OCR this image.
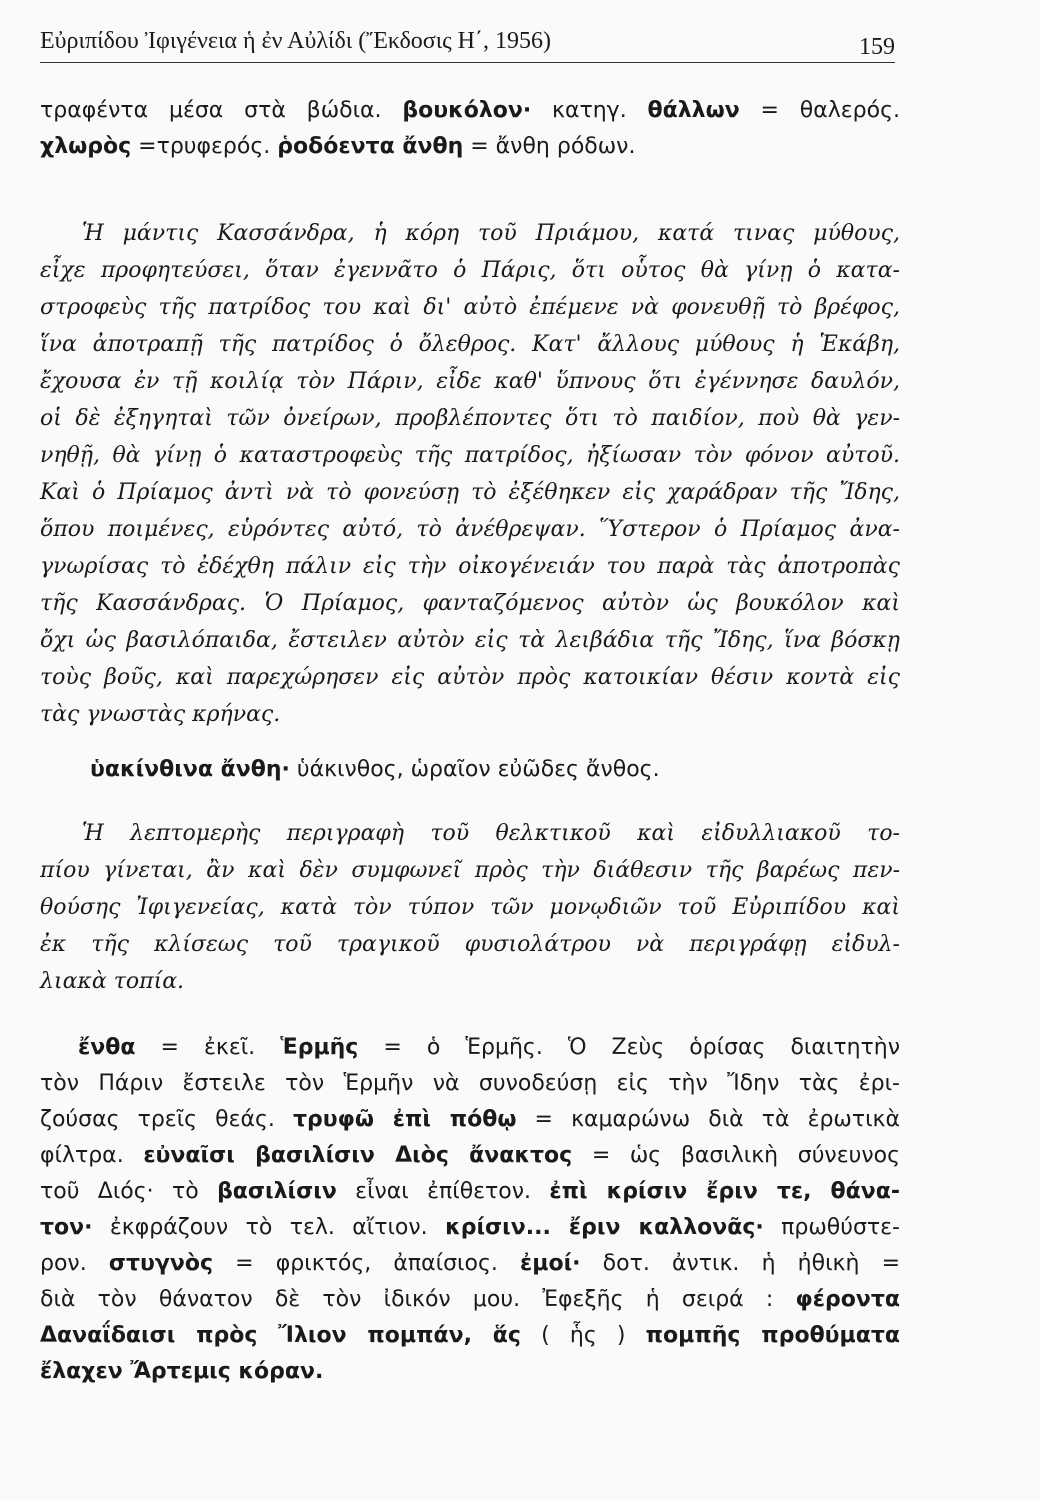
Εὐριπίδου Ἰφιγένεια ἡ ἐν Αὐλίδι (Ἔκδοσις Η΄, 1956)	159
τραφέντα μέσα στὰ βώδια. βουκόλον· κατηγ. θάλλων = θαλερός.
χλωρὸς =τρυφερός. ῥοδόεντα ἄνθη = ἄνθη ρόδων.
Ἡ μάντις Κασσάνδρα, ἡ κόρη τοῦ Πριάμου, κατά τινας μύθους,
εἶχε προφητεύσει, ὅταν ἐγεννᾶτο ὁ Πάρις, ὅτι οὗτος θὰ γίνῃ ὁ κατα-
στροφεὺς τῆς πατρίδος του καὶ δι' αὐτὸ ἐπέμενε νὰ φονευθῇ τὸ βρέφος,
ἵνα ἀποτραπῇ τῆς πατρίδος ὁ ὄλεθρος. Κατ' ἄλλους μύθους ἡ Ἑκάβη,
ἔχουσα ἐν τῇ κοιλίᾳ τὸν Πάριν, εἶδε καθ' ὕπνους ὅτι ἐγέννησε δαυλόν,
οἱ δὲ ἐξηγηταὶ τῶν ὀνείρων, προβλέποντες ὅτι τὸ παιδίον, ποὺ θὰ γεν-
νηθῇ, θὰ γίνῃ ὁ καταστροφεὺς τῆς πατρίδος, ἠξίωσαν τὸν φόνον αὐτοῦ.
Καὶ ὁ Πρίαμος ἀντὶ νὰ τὸ φονεύσῃ τὸ ἐξέθηκεν εἰς χαράδραν τῆς Ἴδης,
ὅπου ποιμένες, εὑρόντες αὐτό, τὸ ἀνέθρεψαν. Ὕστερον ὁ Πρίαμος ἀνα-
γνωρίσας τὸ ἐδέχθη πάλιν εἰς τὴν οἰκογένειάν του παρὰ τὰς ἀποτροπὰς
τῆς Κασσάνδρας. Ὁ Πρίαμος, φανταζόμενος αὐτὸν ὡς βουκόλον καὶ
ὄχι ὡς βασιλόπαιδα, ἔστειλεν αὐτὸν εἰς τὰ λειβάδια τῆς Ἴδης, ἵνα βόσκῃ
τοὺς βοῦς, καὶ παρεχώρησεν εἰς αὐτὸν πρὸς κατοικίαν θέσιν κοντὰ εἰς
τὰς γνωστὰς κρήνας.
ὑακίνθινα ἄνθη· ὑάκινθος, ὡραῖον εὐῶδες ἄνθος.
Ἡ λεπτομερὴς περιγραφὴ τοῦ θελκτικοῦ καὶ εἰδυλλιακοῦ το-
πίου γίνεται, ἂν καὶ δὲν συμφωνεῖ πρὸς τὴν διάθεσιν τῆς βαρέως πεν-
θούσης Ἰφιγενείας, κατὰ τὸν τύπον τῶν μονῳδιῶν τοῦ Εὐριπίδου καὶ
ἐκ τῆς κλίσεως τοῦ τραγικοῦ φυσιολάτρου νὰ περιγράφῃ εἰδυλ-
λιακὰ τοπία.
ἔνθα = ἐκεῖ. Ἑρμῆς = ὁ Ἑρμῆς. Ὁ Ζεὺς ὁρίσας διαιτητὴν
τὸν Πάριν ἔστειλε τὸν Ἑρμῆν νὰ συνοδεύσῃ εἰς τὴν Ἴδην τὰς ἐρι-
ζούσας τρεῖς θεάς. τρυφῶ ἐπὶ πόθῳ = καμαρώνω διὰ τὰ ἐρωτικὰ
φίλτρα. εὐναῖσι βασιλίσιν Διὸς ἄνακτος = ὡς βασιλικὴ σύνευνος
τοῦ Διός· τὸ βασιλίσιν εἶναι ἐπίθετον. ἐπὶ κρίσιν ἔριν τε, θάνα-
τον· ἐκφράζουν τὸ τελ. αἴτιον. κρίσιν... ἔριν καλλονᾶς· πρωθύστε-
ρον. στυγνὸς = φρικτός, ἀπαίσιος. ἐμοί· δοτ. ἀντικ. ἡ ἠθικὴ =
διὰ τὸν θάνατον δὲ τὸν ἰδικόν μου. Ἐφεξῆς ἡ σειρά : φέροντα
Δαναΐδαισι πρὸς Ἴλιον πομπάν, ἅς ( ἧς ) πομπῆς προθύματα
ἔλαχεν Ἄρτεμις κόραν.
